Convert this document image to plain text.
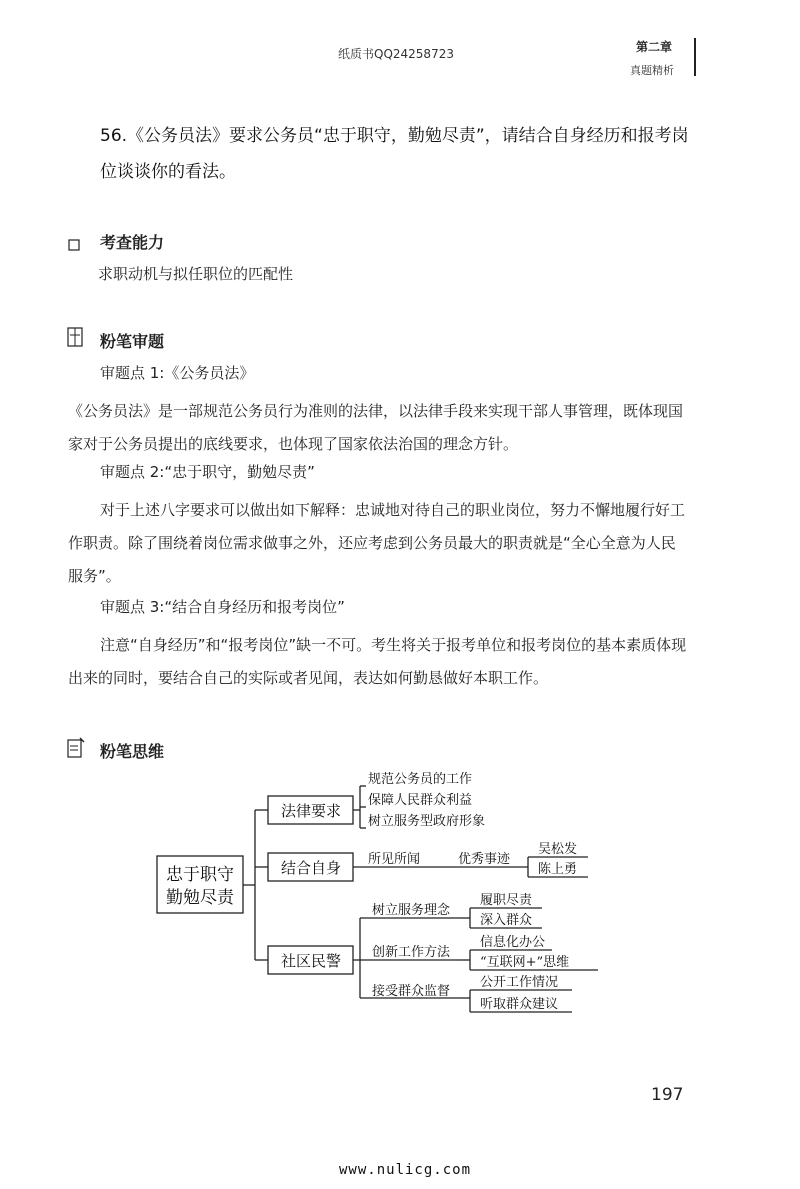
纸质书QQ24258723	第二章
真题精析
56.《公务员法》要求公务员“忠于职守，勤勉尽责”，请结合自身经历和报考岗位谈谈你的看法。
考查能力
求职动机与拟任职位的匹配性
粉笔审题
审题点 1:《公务员法》
《公务员法》是一部规范公务员行为准则的法律，以法律手段来实现干部人事管理，既体现国家对于公务员提出的底线要求，也体现了国家依法治国的理念方针。
审题点 2:“忠于职守，勤勉尽责”
对于上述八字要求可以做出如下解释：忠诚地对待自己的职业岗位，努力不懈地履行好工作职责。除了围绕着岗位需求做事之外，还应考虑到公务员最大的职责就是“全心全意为人民服务”。
审题点 3:“结合自身经历和报考岗位”
注意“自身经历”和“报考岗位”缺一不可。考生将关于报考单位和报考岗位的基本素质体现出来的同时，要结合自己的实际或者见闻，表达如何勤恳做好本职工作。
粉笔思维
忠于职守
勤勉尽责
法律要求
结合自身
社区民警
规范公务员的工作
保障人民群众利益
树立服务型政府形象
所见所闻	优秀事迹
吴松发
陈上勇
树立服务理念
履职尽责
深入群众
创新工作方法
信息化办公
“互联网+”思维
接受群众监督
公开工作情况
听取群众建议
197
www.nulicg.com
